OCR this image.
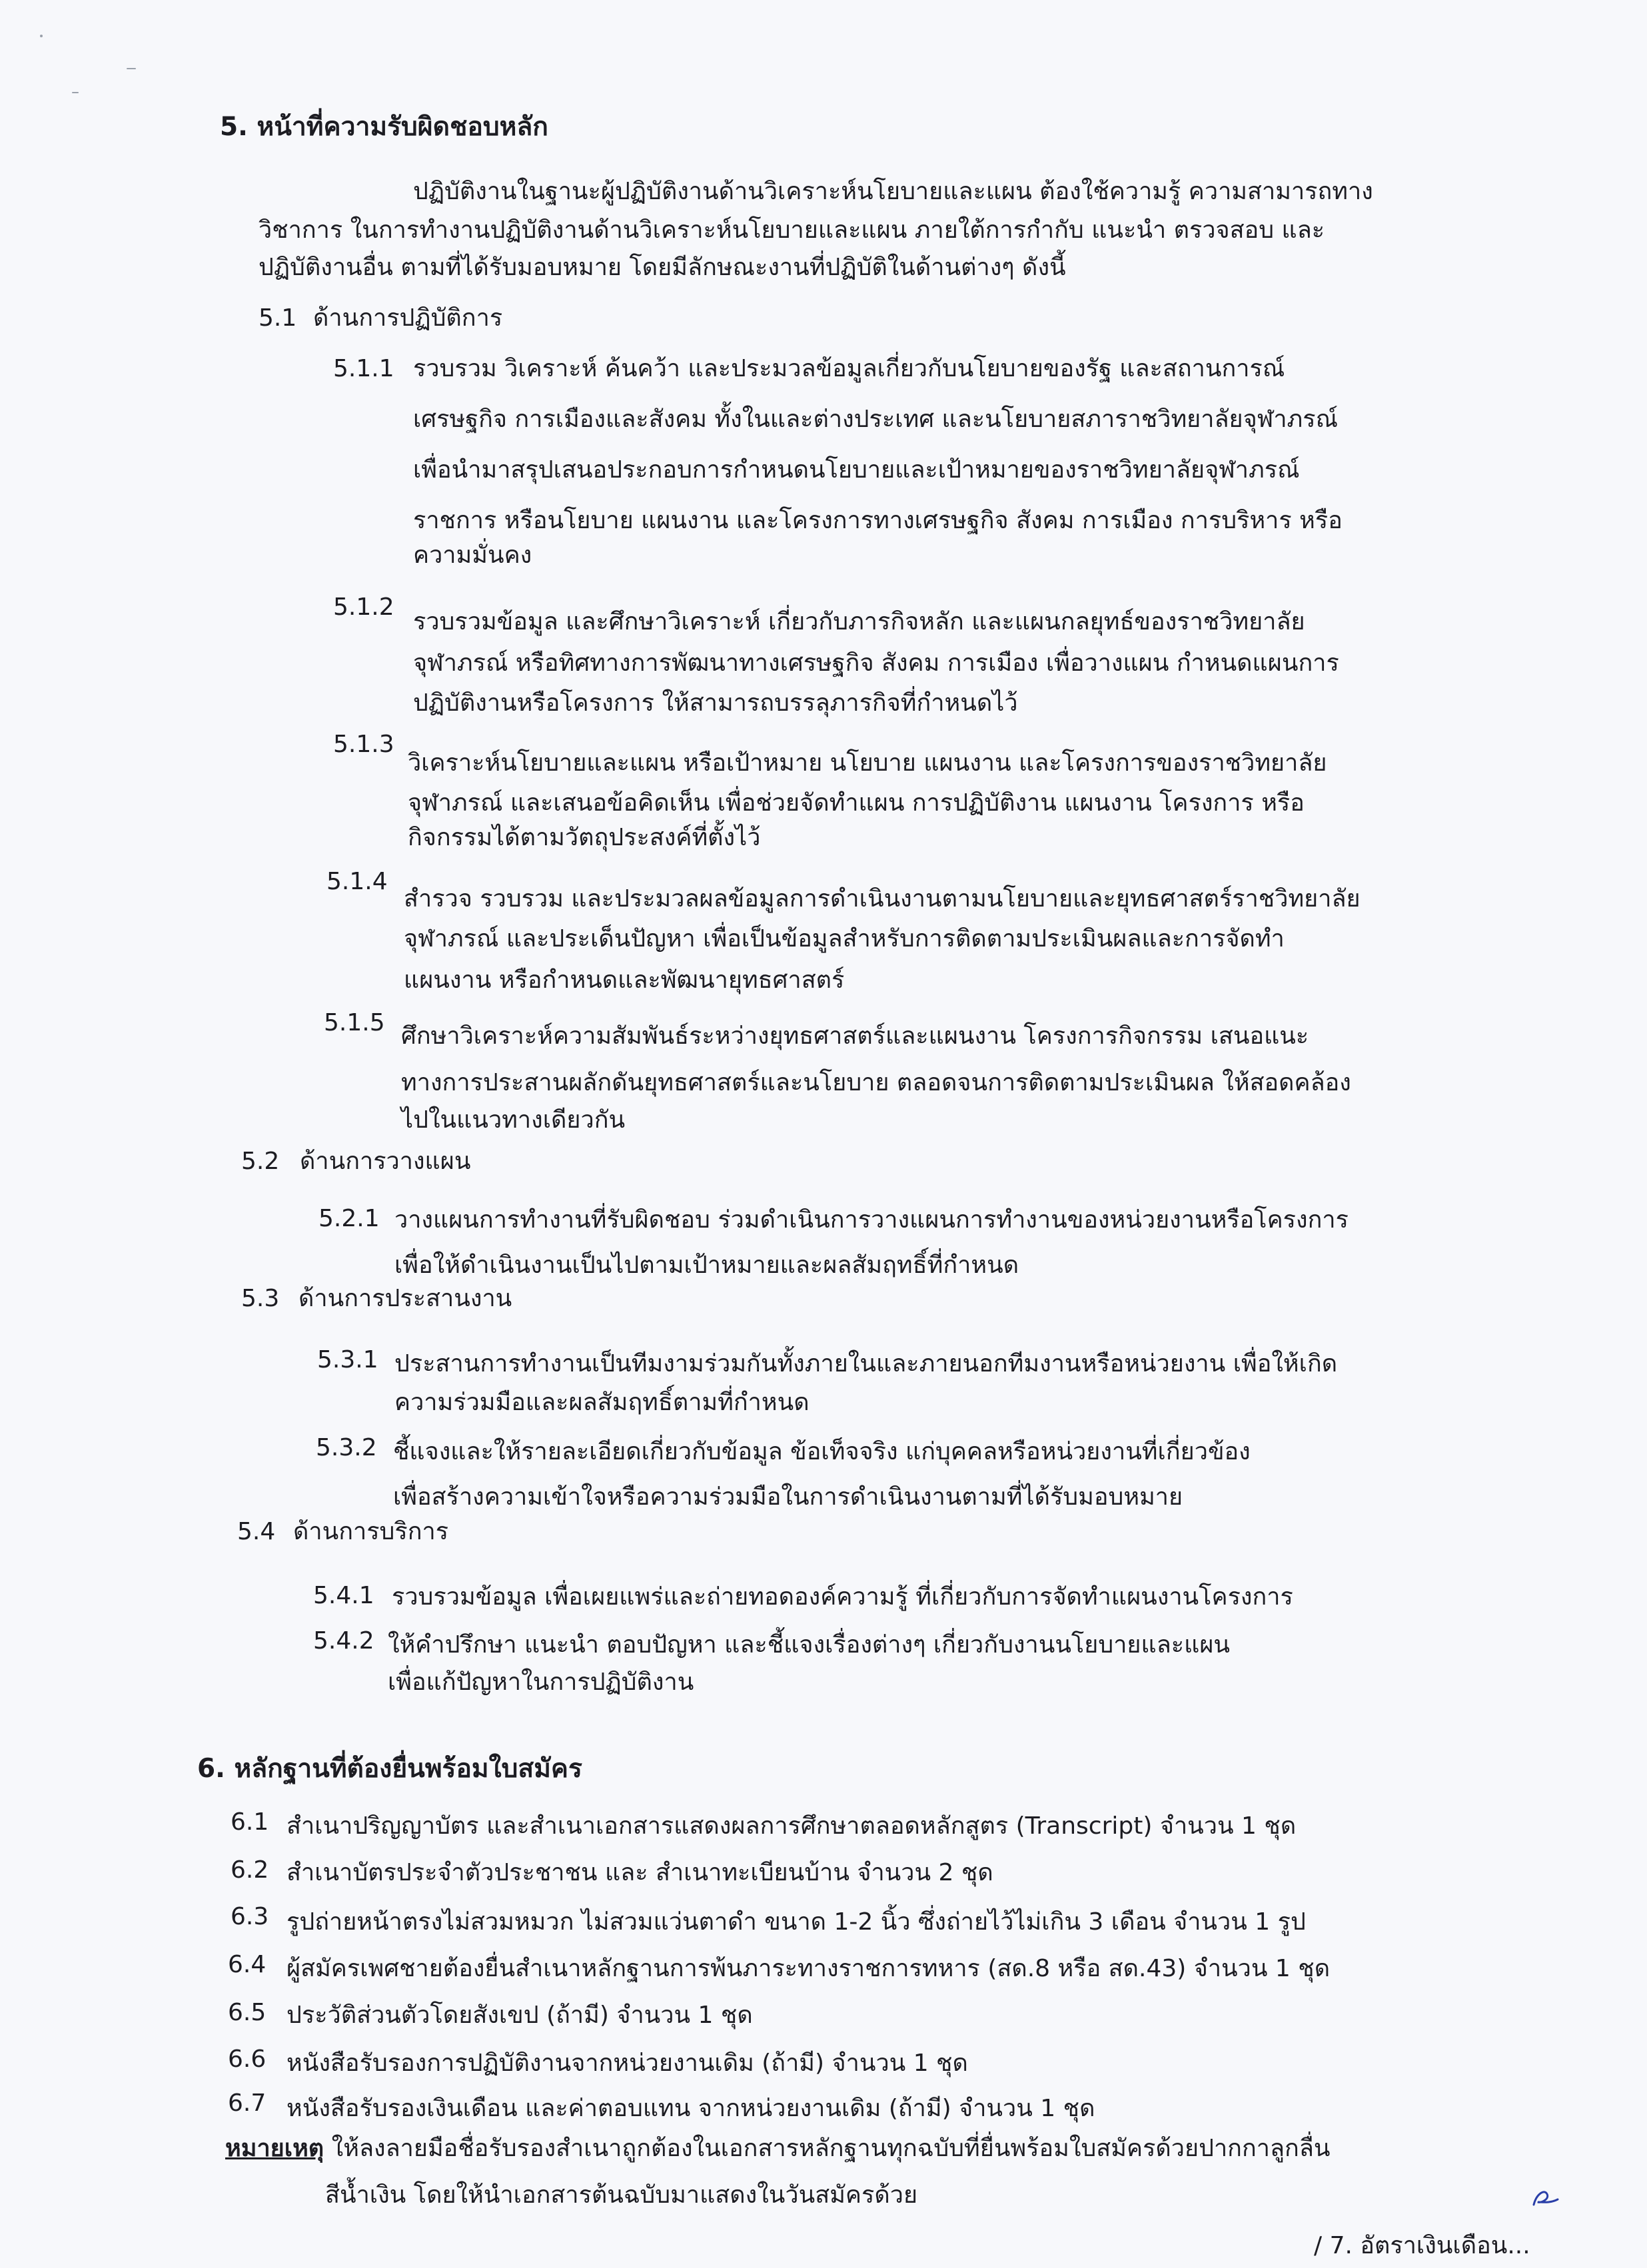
5. หน้าที่ความรับผิดชอบหลัก
ปฏิบัติงานในฐานะผู้ปฏิบัติงานด้านวิเคราะห์นโยบายและแผน ต้องใช้ความรู้ ความสามารถทาง
วิชาการ ในการทำงานปฏิบัติงานด้านวิเคราะห์นโยบายและแผน ภายใต้การกำกับ แนะนำ ตรวจสอบ และ
ปฏิบัติงานอื่น ตามที่ได้รับมอบหมาย โดยมีลักษณะงานที่ปฏิบัติในด้านต่างๆ ดังนี้
5.1 ด้านการปฏิบัติการ
5.1.1 รวบรวม วิเคราะห์ ค้นคว้า และประมวลข้อมูลเกี่ยวกับนโยบายของรัฐ และสถานการณ์
เศรษฐกิจ การเมืองและสังคม ทั้งในและต่างประเทศ และนโยบายสภาราชวิทยาลัยจุฬาภรณ์
เพื่อนำมาสรุปเสนอประกอบการกำหนดนโยบายและเป้าหมายของราชวิทยาลัยจุฬาภรณ์
ราชการ หรือนโยบาย แผนงาน และโครงการทางเศรษฐกิจ สังคม การเมือง การบริหาร หรือ
ความมั่นคง
5.1.2
รวบรวมข้อมูล และศึกษาวิเคราะห์ เกี่ยวกับภารกิจหลัก และแผนกลยุทธ์ของราชวิทยาลัย
จุฬาภรณ์ หรือทิศทางการพัฒนาทางเศรษฐกิจ สังคม การเมือง เพื่อวางแผน กำหนดแผนการ
ปฏิบัติงานหรือโครงการ ให้สามารถบรรลุภารกิจที่กำหนดไว้
5.1.3
วิเคราะห์นโยบายและแผน หรือเป้าหมาย นโยบาย แผนงาน และโครงการของราชวิทยาลัย
จุฬาภรณ์ และเสนอข้อคิดเห็น เพื่อช่วยจัดทำแผน การปฏิบัติงาน แผนงาน โครงการ หรือ
กิจกรรมได้ตามวัตถุประสงค์ที่ตั้งไว้
5.1.4
สำรวจ รวบรวม และประมวลผลข้อมูลการดำเนินงานตามนโยบายและยุทธศาสตร์ราชวิทยาลัย
จุฬาภรณ์ และประเด็นปัญหา เพื่อเป็นข้อมูลสำหรับการติดตามประเมินผลและการจัดทำ
แผนงาน หรือกำหนดและพัฒนายุทธศาสตร์
5.1.5 ศึกษาวิเคราะห์ความสัมพันธ์ระหว่างยุทธศาสตร์และแผนงาน โครงการกิจกรรม เสนอแนะ
ทางการประสานผลักดันยุทธศาสตร์และนโยบาย ตลอดจนการติดตามประเมินผล ให้สอดคล้อง
ไปในแนวทางเดียวกัน
5.2 ด้านการวางแผน
5.2.1 วางแผนการทำงานที่รับผิดชอบ ร่วมดำเนินการวางแผนการทำงานของหน่วยงานหรือโครงการ
เพื่อให้ดำเนินงานเป็นไปตามเป้าหมายและผลสัมฤทธิ์ที่กำหนด
5.3 ด้านการประสานงาน
5.3.1 ประสานการทำงานเป็นทีมงามร่วมกันทั้งภายในและภายนอกทีมงานหรือหน่วยงาน เพื่อให้เกิด
ความร่วมมือและผลสัมฤทธิ์ตามที่กำหนด
5.3.2 ชี้แจงและให้รายละเอียดเกี่ยวกับข้อมูล ข้อเท็จจริง แก่บุคคลหรือหน่วยงานที่เกี่ยวข้อง
เพื่อสร้างความเข้าใจหรือความร่วมมือในการดำเนินงานตามที่ได้รับมอบหมาย
5.4 ด้านการบริการ
5.4.1 รวบรวมข้อมูล เพื่อเผยแพร่และถ่ายทอดองค์ความรู้ ที่เกี่ยวกับการจัดทำแผนงานโครงการ
5.4.2 ให้คำปรึกษา แนะนำ ตอบปัญหา และชี้แจงเรื่องต่างๆ เกี่ยวกับงานนโยบายและแผน
เพื่อแก้ปัญหาในการปฏิบัติงาน
6. หลักฐานที่ต้องยื่นพร้อมใบสมัคร
6.1 สำเนาปริญญาบัตร และสำเนาเอกสารแสดงผลการศึกษาตลอดหลักสูตร (Transcript) จำนวน 1 ชุด
6.2 สำเนาบัตรประจำตัวประชาชน และ สำเนาทะเบียนบ้าน จำนวน 2 ชุด
6.3 รูปถ่ายหน้าตรงไม่สวมหมวก ไม่สวมแว่นตาดำ ขนาด 1-2 นิ้ว ซึ่งถ่ายไว้ไม่เกิน 3 เดือน จำนวน 1 รูป
6.4 ผู้สมัครเพศชายต้องยื่นสำเนาหลักฐานการพ้นภาระทางราชการทหาร (สด.8 หรือ สด.43) จำนวน 1 ชุด
6.5 ประวัติส่วนตัวโดยสังเขป (ถ้ามี) จำนวน 1 ชุด
6.6 หนังสือรับรองการปฏิบัติงานจากหน่วยงานเดิม (ถ้ามี) จำนวน 1 ชุด
6.7 หนังสือรับรองเงินเดือน และค่าตอบแทน จากหน่วยงานเดิม (ถ้ามี) จำนวน 1 ชุด
หมายเหตุ ให้ลงลายมือชื่อรับรองสำเนาถูกต้องในเอกสารหลักฐานทุกฉบับที่ยื่นพร้อมใบสมัครด้วยปากกาลูกลื่น
สีน้ำเงิน โดยให้นำเอกสารต้นฉบับมาแสดงในวันสมัครด้วย
/ 7. อัตราเงินเดือน...
